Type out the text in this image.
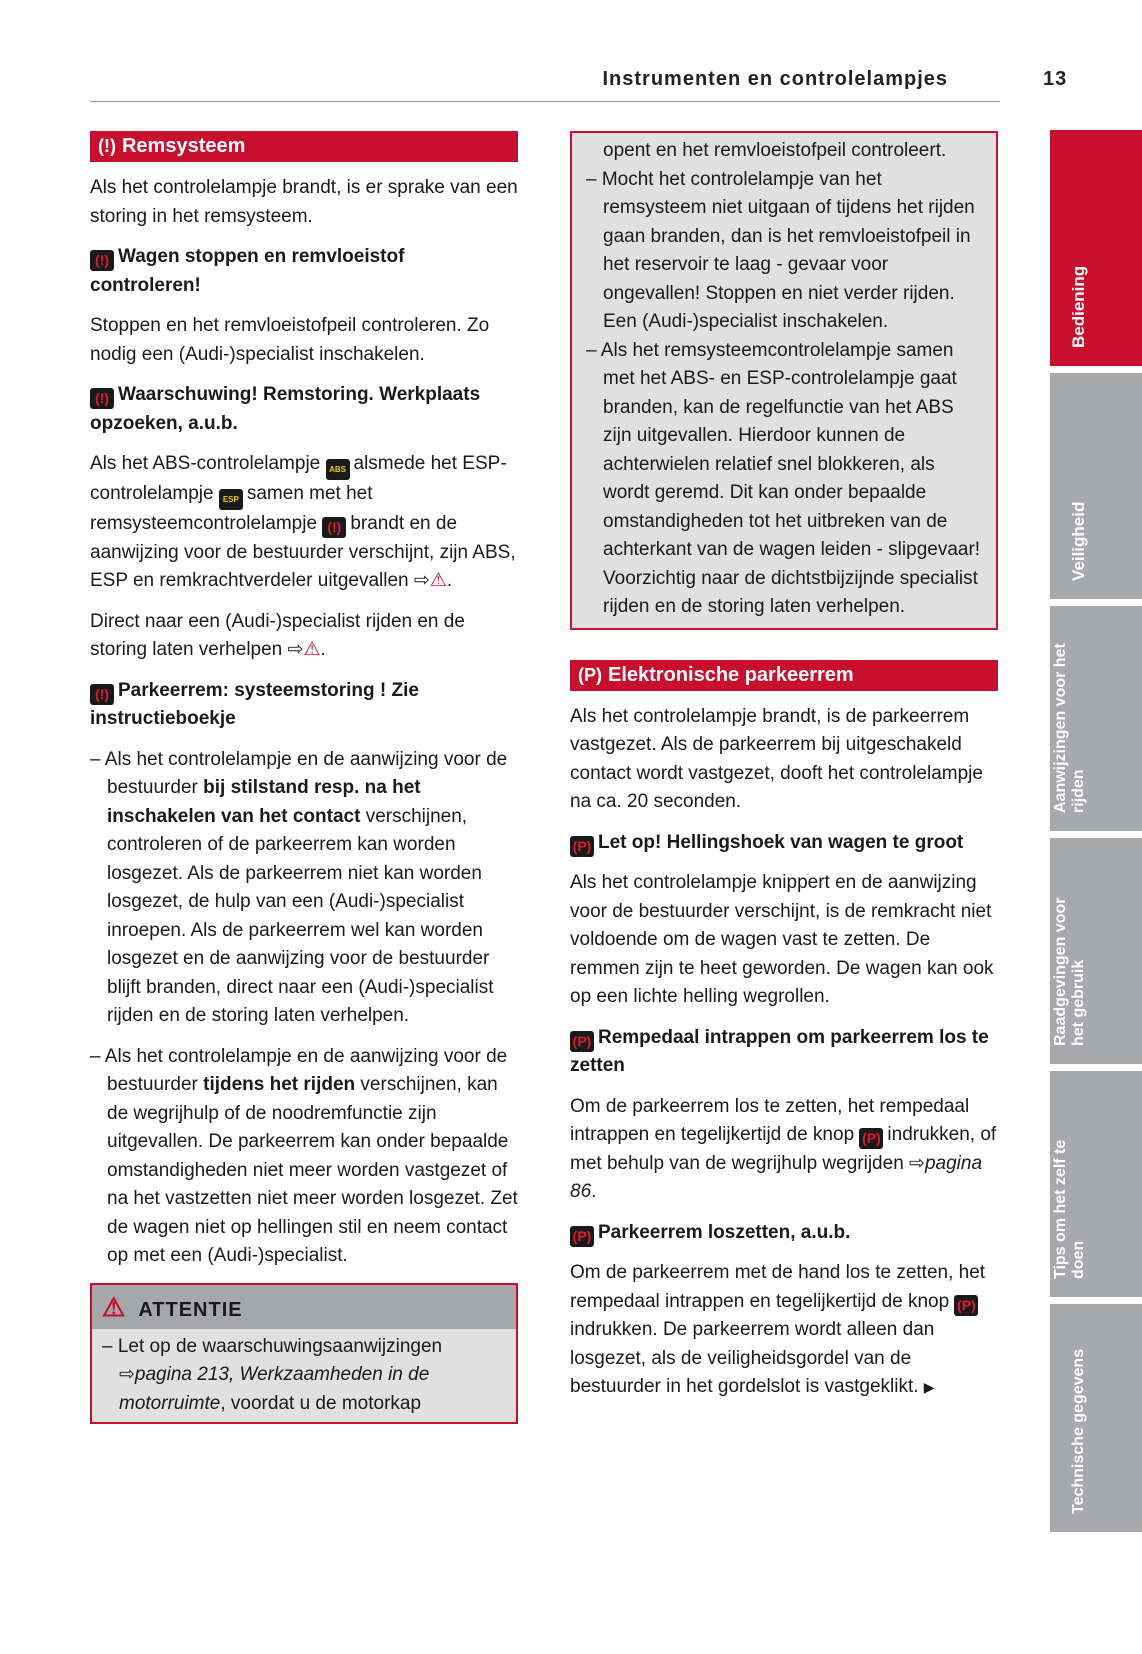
Instrumenten en controlelampjes	13
(!) Remsysteem

Als het controlelampje brandt, is er sprake van een storing in het remsysteem.

(!) Wagen stoppen en remvloeistof controleren!

Stoppen en het remvloeistofpeil controleren. Zo nodig een (Audi-)specialist inschakelen.

(!) Waarschuwing! Remstoring. Werkplaats opzoeken, a.u.b.

Als het ABS-controlelampje ABS alsmede het ESP-controlelampje ESP samen met het remsysteemcontrolelampje (!) brandt en de aanwijzing voor de bestuurder verschijnt, zijn ABS, ESP en remkrachtverdeler uitgevallen ⇨⚠.

Direct naar een (Audi-)specialist rijden en de storing laten verhelpen ⇨⚠.

(!) Parkeerrem: systeemstoring ! Zie instructieboekje

– Als het controlelampje en de aanwijzing voor de bestuurder bij stilstand resp. na het inschakelen van het contact verschijnen, controleren of de parkeerrem kan worden losgezet. Als de parkeerrem niet kan worden losgezet, de hulp van een (Audi-)specialist inroepen. Als de parkeerrem wel kan worden losgezet en de aanwijzing voor de bestuurder blijft branden, direct naar een (Audi-)specialist rijden en de storing laten verhelpen.

– Als het controlelampje en de aanwijzing voor de bestuurder tijdens het rijden verschijnen, kan de wegrijhulp of de noodremfunctie zijn uitgevallen. De parkeerrem kan onder bepaalde omstandigheden niet meer worden vastgezet of na het vastzetten niet meer worden losgezet. Zet de wagen niet op hellingen stil en neem contact op met een (Audi-)specialist.

⚠ ATTENTIE

– Let op de waarschuwingsaanwijzingen ⇨pagina 213, Werkzaamheden in de motorruimte, voordat u de motorkap

opent en het remvloeistofpeil controleert.

– Mocht het controlelampje van het remsysteem niet uitgaan of tijdens het rijden gaan branden, dan is het remvloeistofpeil in het reservoir te laag - gevaar voor ongevallen! Stoppen en niet verder rijden. Een (Audi-)specialist inschakelen.

– Als het remsysteemcontrolelampje samen met het ABS- en ESP-controlelampje gaat branden, kan de regelfunctie van het ABS zijn uitgevallen. Hierdoor kunnen de achterwielen relatief snel blokkeren, als wordt geremd. Dit kan onder bepaalde omstandigheden tot het uitbreken van de achterkant van de wagen leiden - slipgevaar! Voorzichtig naar de dichtstbijzijnde specialist rijden en de storing laten verhelpen.

(P) Elektronische parkeerrem

Als het controlelampje brandt, is de parkeerrem vastgezet. Als de parkeerrem bij uitgeschakeld contact wordt vastgezet, dooft het controlelampje na ca. 20 seconden.

(P) Let op! Hellingshoek van wagen te groot

Als het controlelampje knippert en de aanwijzing voor de bestuurder verschijnt, is de remkracht niet voldoende om de wagen vast te zetten. De remmen zijn te heet geworden. De wagen kan ook op een lichte helling wegrollen.

(P) Rempedaal intrappen om parkeerrem los te zetten

Om de parkeerrem los te zetten, het rempedaal intrappen en tegelijkertijd de knop (P) indrukken, of met behulp van de wegrijhulp wegrijden ⇨pagina 86.

(P) Parkeerrem loszetten, a.u.b.

Om de parkeerrem met de hand los te zetten, het rempedaal intrappen en tegelijkertijd de knop (P)indrukken. De parkeerrem wordt alleen dan losgezet, als de veiligheidsgordel van de bestuurder in het gordelslot is vastgeklikt. ▶

Bediening
Veiligheid
Aanwijzingen voor het rijden
Raadgevingen voor het gebruik
Tips om het zelf te doen
Technische gegevens
